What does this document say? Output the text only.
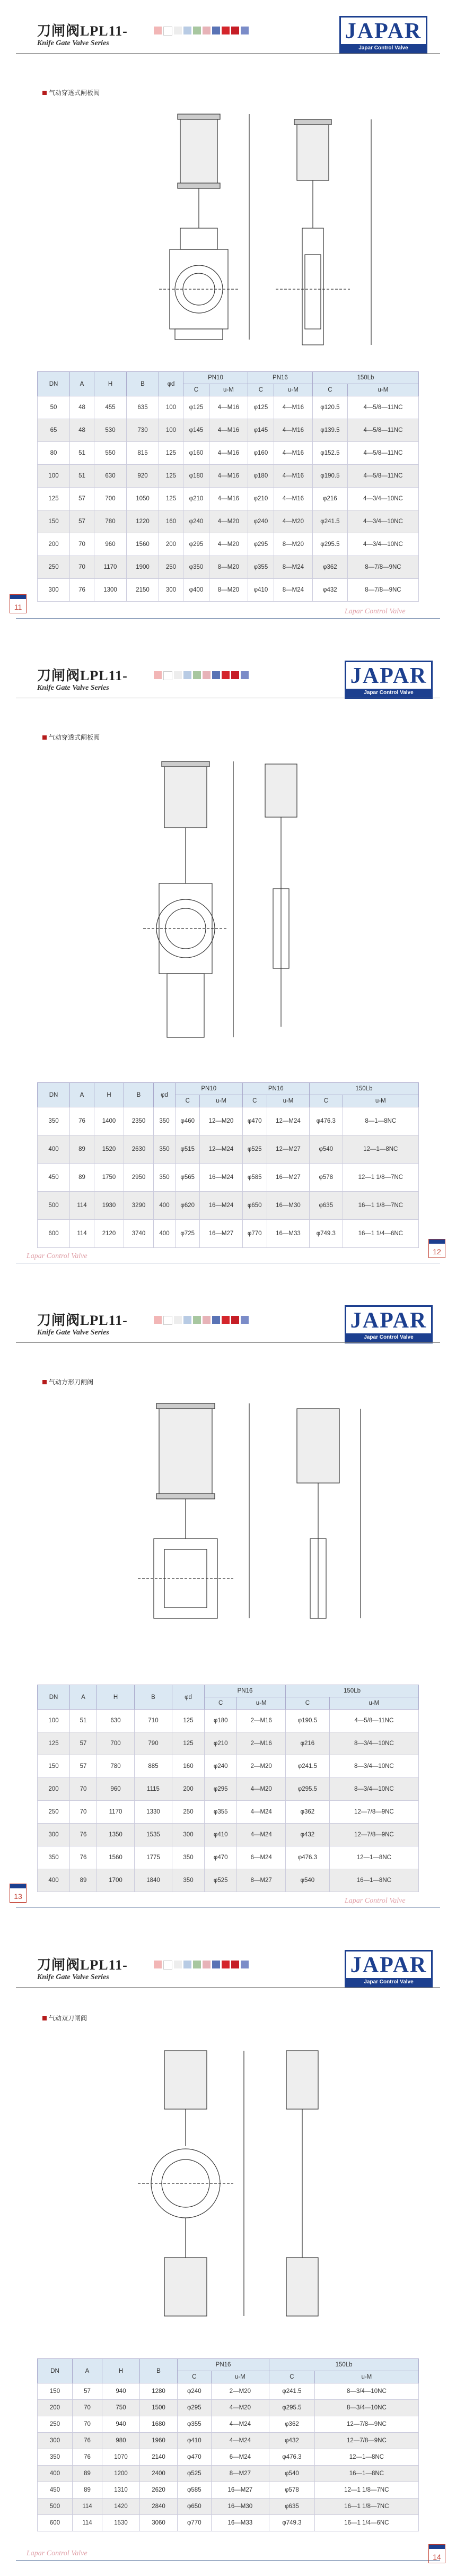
刀闸阀LPL11-
Knife Gate Valve Series	JAPAR
Japar Control Valve
气动穿透式闸板阀
DN	A	H	B	φd	PN10		PN16		150Lb	
					C	u-M	C	u-M	C	u-M
50	48	455	635	100	φ125	4—M16	φ125	4—M16	φ120.5	4—5/8—11NC
65	48	530	730	100	φ145	4—M16	φ145	4—M16	φ139.5	4—5/8—11NC
80	51	550	815	125	φ160	4—M16	φ160	4—M16	φ152.5	4—5/8—11NC
100	51	630	920	125	φ180	4—M16	φ180	4—M16	φ190.5	4—5/8—11NC
125	57	700	1050	125	φ210	4—M16	φ210	4—M16	φ216	4—3/4—10NC
150	57	780	1220	160	φ240	4—M20	φ240	4—M20	φ241.5	4—3/4—10NC
200	70	960	1560	200	φ295	4—M20	φ295	8—M20	φ295.5	4—3/4—10NC
250	70	1170	1900	250	φ350	8—M20	φ355	8—M24	φ362	8—7/8—9NC
300	76	1300	2150	300	φ400	8—M20	φ410	8—M24	φ432	8—7/8—9NC
Lapar Control Valve
11
刀闸阀LPL11-
Knife Gate Valve Series	JAPAR
Japar Control Valve
气动穿透式闸板阀
DN	A	H	B	φd	PN10		PN16		150Lb	
					C	u-M	C	u-M	C	u-M
350	76	1400	2350	350	φ460	12—M20	φ470	12—M24	φ476.3	8—1—8NC
400	89	1520	2630	350	φ515	12—M24	φ525	12—M27	φ540	12—1—8NC
450	89	1750	2950	350	φ565	16—M24	φ585	16—M27	φ578	12—1 1/8—7NC
500	114	1930	3290	400	φ620	16—M24	φ650	16—M30	φ635	16—1 1/8—7NC
600	114	2120	3740	400	φ725	16—M27	φ770	16—M33	φ749.3	16—1 1/4—6NC
Lapar Control Valve
12
刀闸阀LPL11-
Knife Gate Valve Series	JAPAR
Japar Control Valve
气动方形刀闸阀
DN	A	H	B	φd	PN16		150Lb	
					C	u-M	C	u-M
100	51	630	710	125	φ180	2—M16	φ190.5	4—5/8—11NC
125	57	700	790	125	φ210	2—M16	φ216	8—3/4—10NC
150	57	780	885	160	φ240	2—M20	φ241.5	8—3/4—10NC
200	70	960	1115	200	φ295	4—M20	φ295.5	8—3/4—10NC
250	70	1170	1330	250	φ355	4—M24	φ362	12—7/8—9NC
300	76	1350	1535	300	φ410	4—M24	φ432	12—7/8—9NC
350	76	1560	1775	350	φ470	6—M24	φ476.3	12—1—8NC
400	89	1700	1840	350	φ525	8—M27	φ540	16—1—8NC
Lapar Control Valve
13
刀闸阀LPL11-
Knife Gate Valve Series	JAPAR
Japar Control Valve
气动双刀闸阀
DN	A	H	B	PN16		150Lb	
				C	u-M	C	u-M
150	57	940	1280	φ240	2—M20	φ241.5	8—3/4—10NC
200	70	750	1500	φ295	4—M20	φ295.5	8—3/4—10NC
250	70	940	1680	φ355	4—M24	φ362	12—7/8—9NC
300	76	980	1960	φ410	4—M24	φ432	12—7/8—9NC
350	76	1070	2140	φ470	6—M24	φ476.3	12—1—8NC
400	89	1200	2400	φ525	8—M27	φ540	16—1—8NC
450	89	1310	2620	φ585	16—M27	φ578	12—1 1/8—7NC
500	114	1420	2840	φ650	16—M30	φ635	16—1 1/8—7NC
600	114	1530	3060	φ770	16—M33	φ749.3	16—1 1/4—6NC
Lapar Control Valve	14
